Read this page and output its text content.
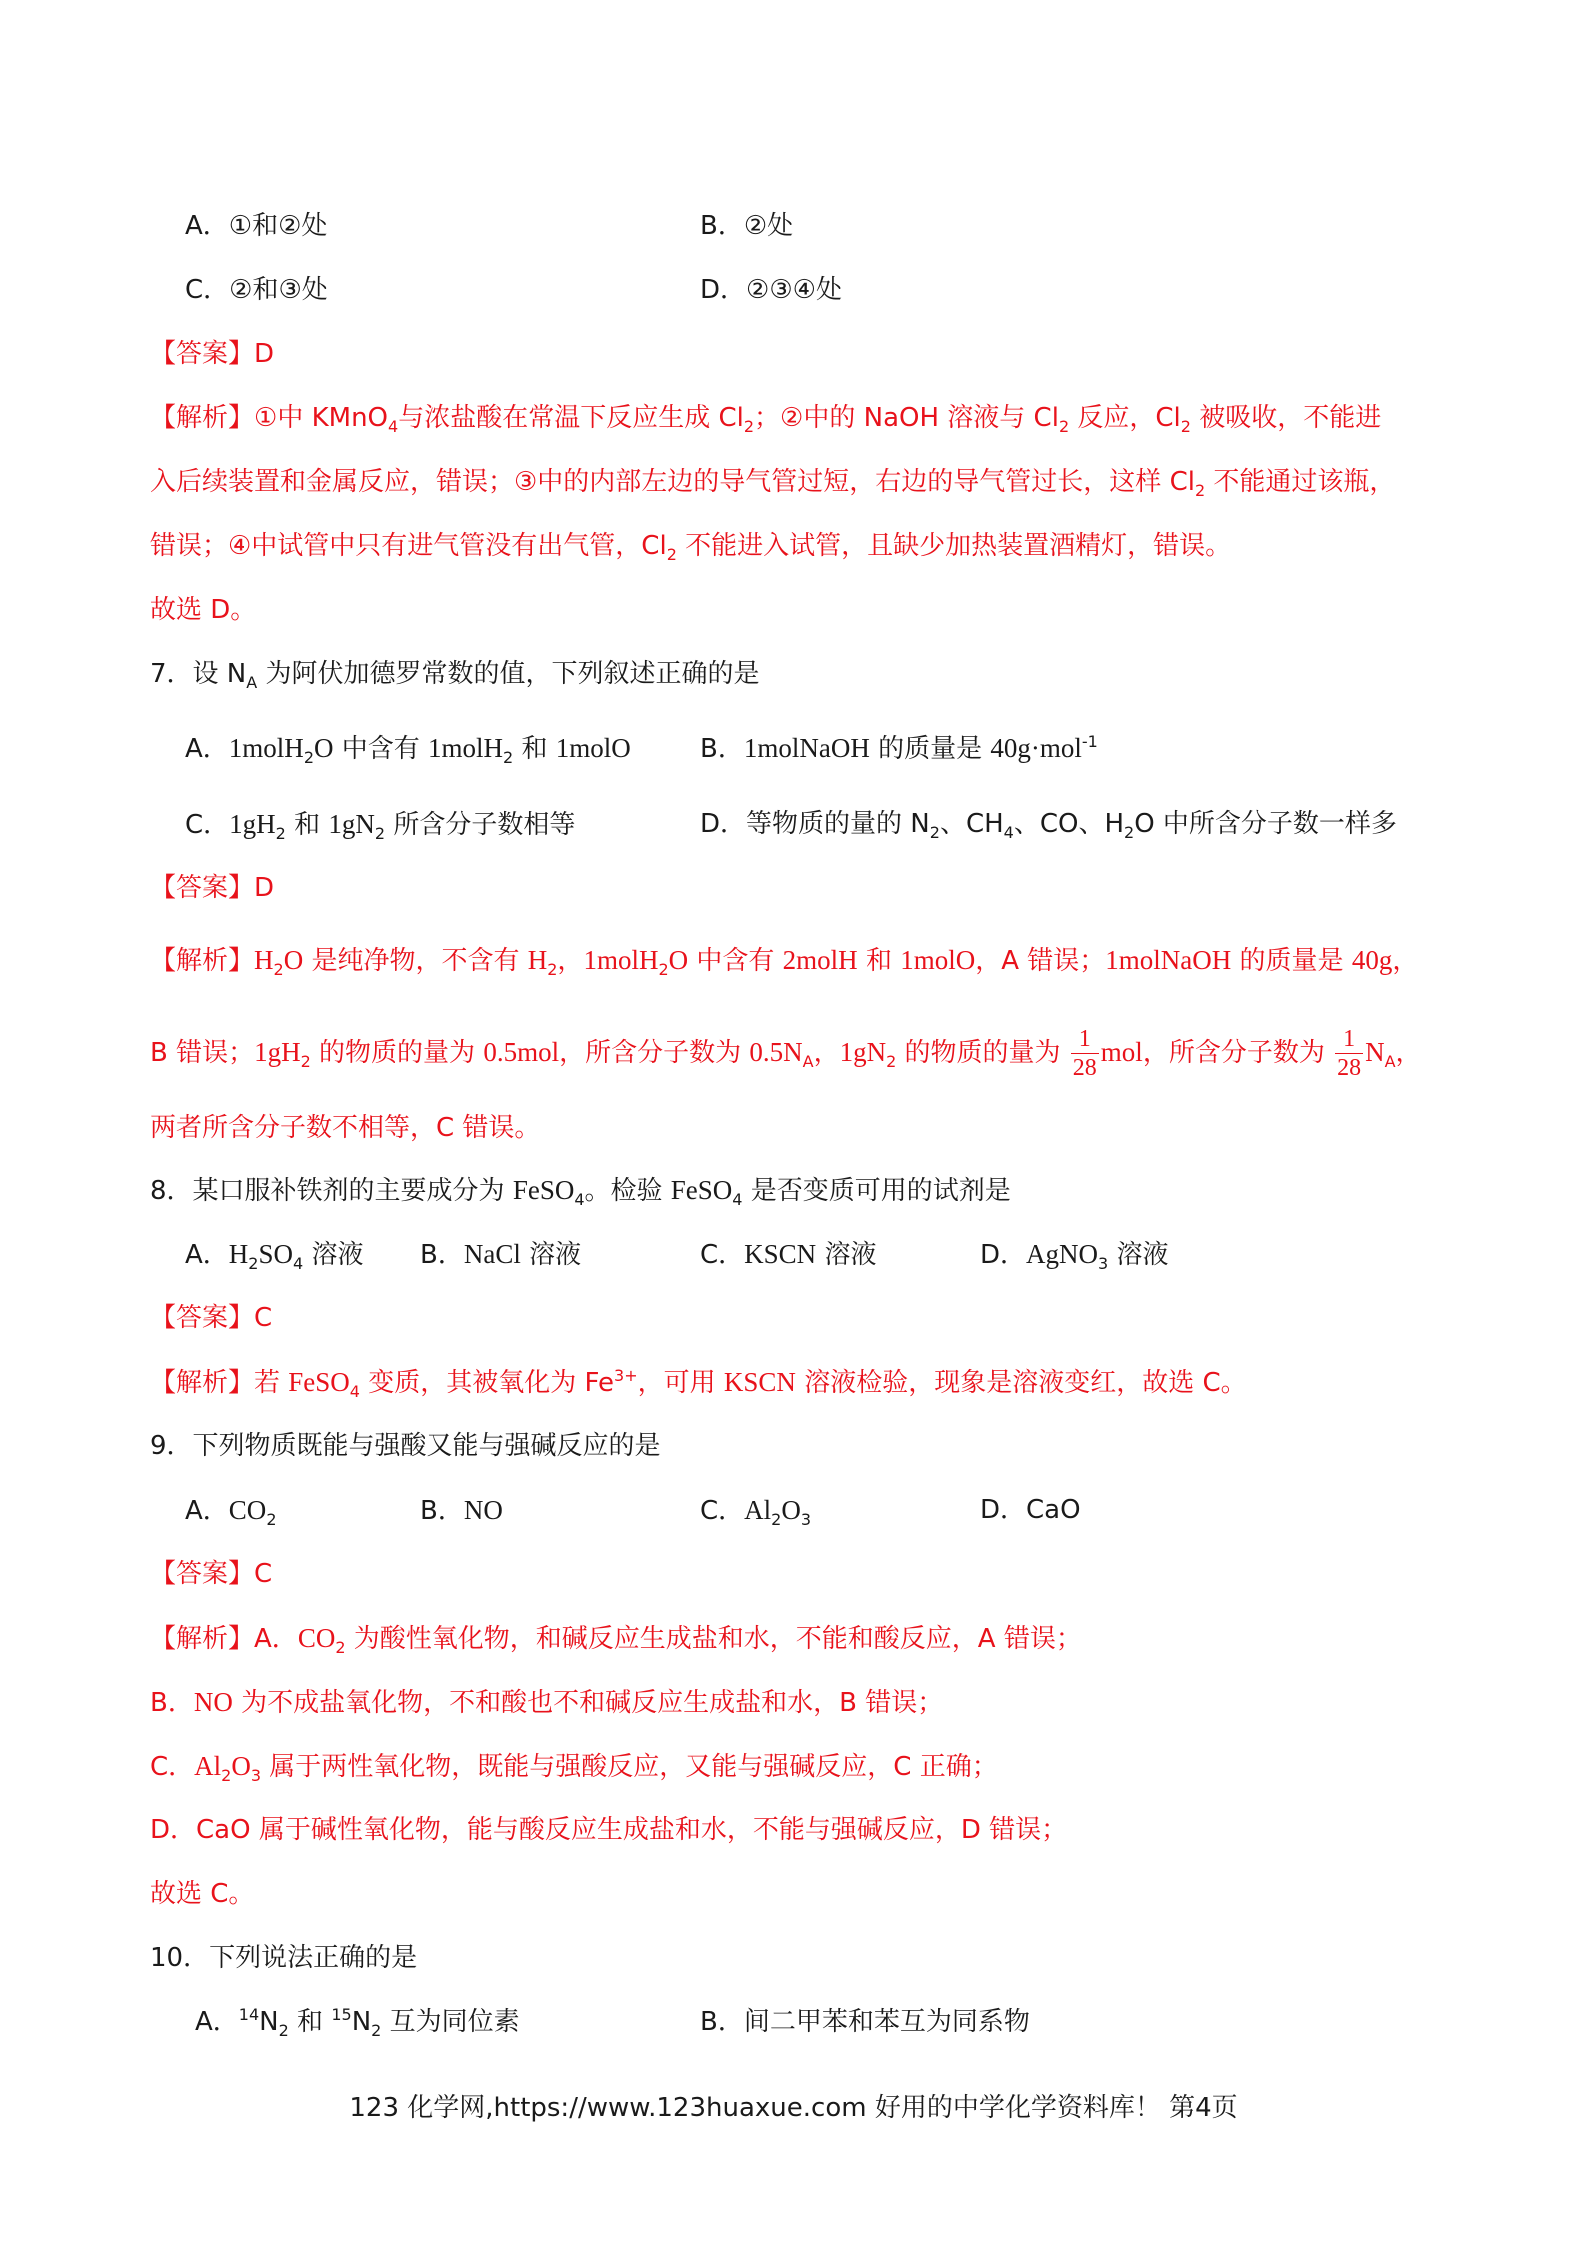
A．①和②处	B．②处
C．②和③处	D．②③④处
【答案】D
【解析】①中 KMnO$_4$与浓盐酸在常温下反应生成 $Cl_2$；②中的 NaOH 溶液与 $Cl_2$ 反应，$Cl_2$ 被吸收，不能进
入后续装置和金属反应，错误；③中的内部左边的导气管过短，右边的导气管过长，这样 $Cl_2$ 不能通过该瓶，
错误；④中试管中只有进气管没有出气管，$Cl_2$ 不能进入试管，且缺少加热装置酒精灯，错误。
故选 D。
7．设 $N_A$ 为阿伏加德罗常数的值，下列叙述正确的是
A．1molH$_2$O 中含有 1molH$_2$ 和 1molO	B．1molNaOH 的质量是 40g·mol$^{-1}$
C．$1gH_2$ 和 $1gN_2$ 所含分子数相等	D．等物质的量的 $N_2$、$CH_4$、CO、$H_2O$ 中所含分子数一样多
【答案】D
【解析】$H_2O$ 是纯净物，不含有 $H_2$，1molH$_2$O 中含有 2molH 和 1molO，A 错误；1molNaOH 的质量是 40g，
B 错误；$1gH_2$ 的物质的量为 0.5mol，所含分子数为 $0.5N_A$，$1gN_2$ 的物质的量为 $\frac{1}{28}$ mol，所含分子数为 $\frac{1}{28} N_A$，
两者所含分子数不相等，C 错误。
8．某口服补铁剂的主要成分为 FeSO$_4$。检验 FeSO$_4$ 是否变质可用的试剂是
A．$H_2SO_4$ 溶液 B．NaCl 溶液	C．KSCN 溶液	D．AgNO$_3$ 溶液
【答案】C
【解析】若 FeSO$_4$ 变质，其被氧化为 $Fe^{3+}$，可用 KSCN 溶液检验，现象是溶液变红，故选 C。
9．下列物质既能与强酸又能与强碱反应的是
A．$CO_2$	B．NO	C．$Al_2O_3$	D．CaO
【答案】C
【解析】A．$CO_2$ 为酸性氧化物，和碱反应生成盐和水，不能和酸反应，A 错误；
B．NO 为不成盐氧化物，不和酸也不和碱反应生成盐和水，B 错误；
C．$Al_2O_3$ 属于两性氧化物，既能与强酸反应，又能与强碱反应，C 正确；
D．CaO 属于碱性氧化物，能与酸反应生成盐和水，不能与强碱反应，D 错误；
故选 C。
10．下列说法正确的是
A．$^{14}N_2$ 和 $^{15}N_2$ 互为同位素	B．间二甲苯和苯互为同系物
123 化学网,https://www.123huaxue.com 好用的中学化学资料库！ 第4页
